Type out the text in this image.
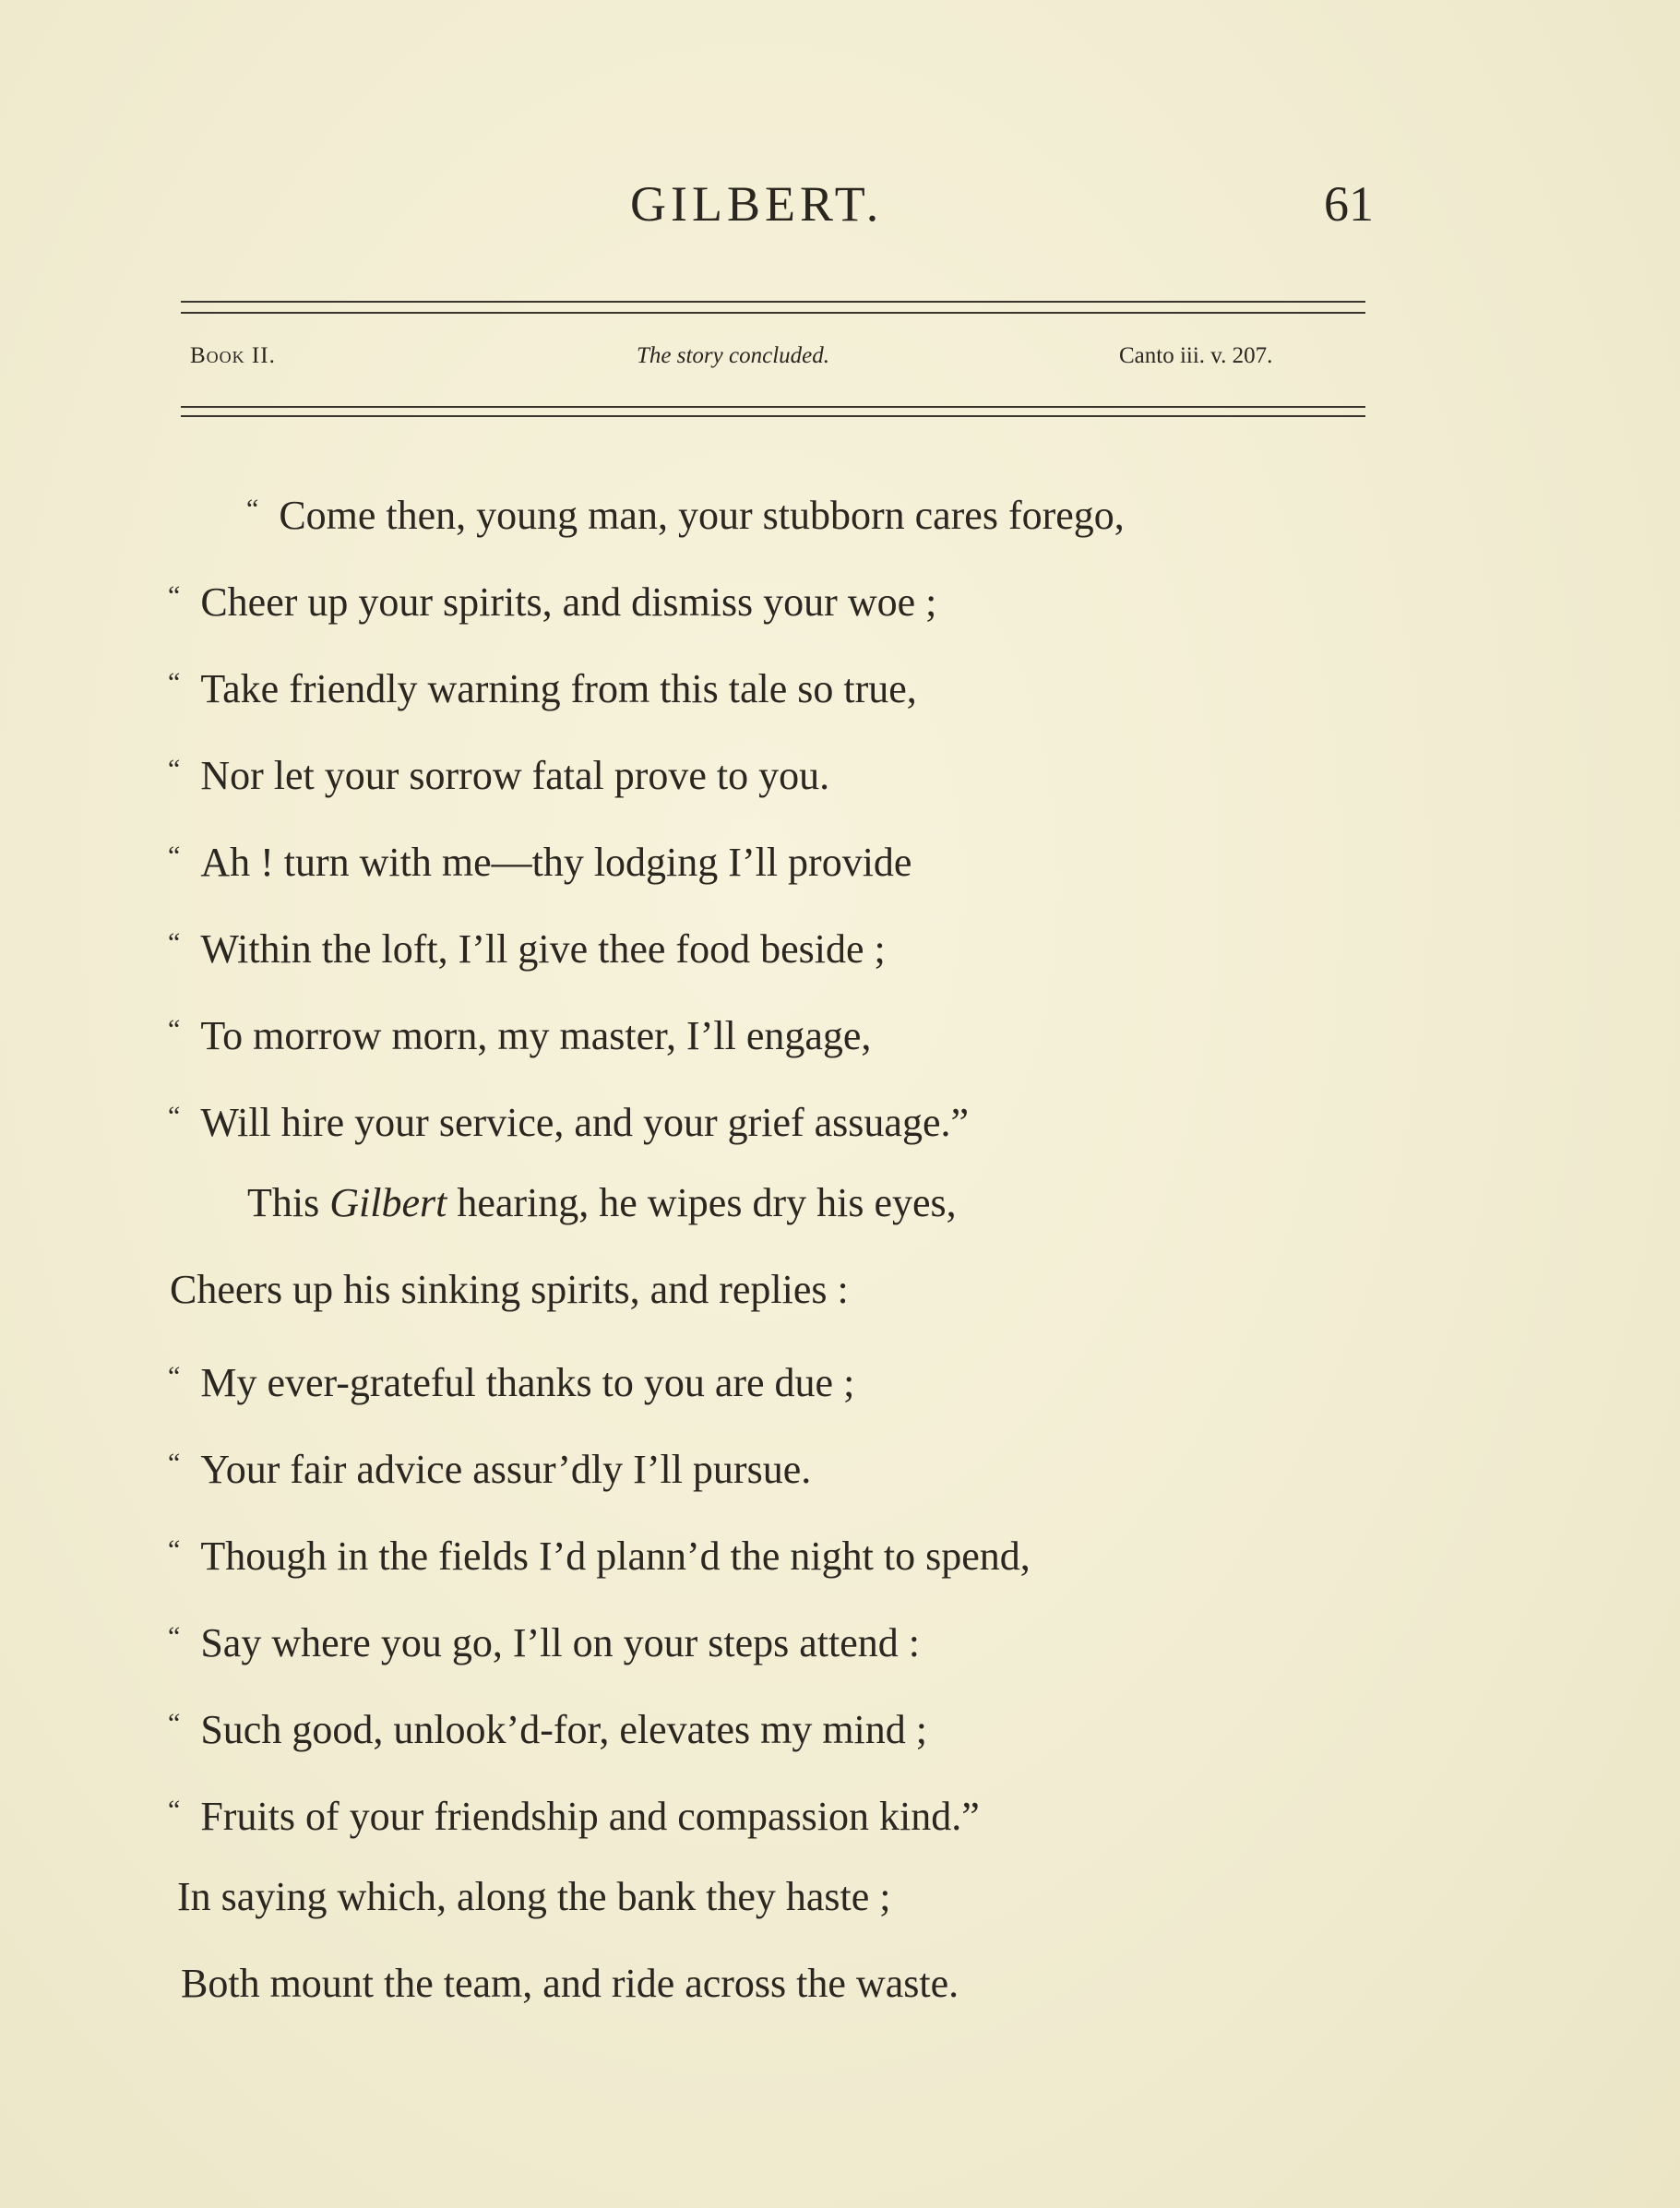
GILBERT.	61
Book II.	The story concluded.	Canto iii. v. 207.
“ Come then, young man, your stubborn cares forego,
“ Cheer up your spirits, and dismiss your woe ;
“ Take friendly warning from this tale so true,
“ Nor let your sorrow fatal prove to you.
“ Ah ! turn with me—thy lodging I’ll provide
“ Within the loft, I’ll give thee food beside ;
“ To morrow morn, my master, I’ll engage,
“ Will hire your service, and your grief assuage.”
This Gilbert hearing, he wipes dry his eyes,
Cheers up his sinking spirits, and replies :
“ My ever-grateful thanks to you are due ;
“ Your fair advice assur’dly I’ll pursue.
“ Though in the fields I’d plann’d the night to spend,
“ Say where you go, I’ll on your steps attend :
“ Such good, unlook’d-for, elevates my mind ;
“ Fruits of your friendship and compassion kind.”
In saying which, along the bank they haste ;
Both mount the team, and ride across the waste.
